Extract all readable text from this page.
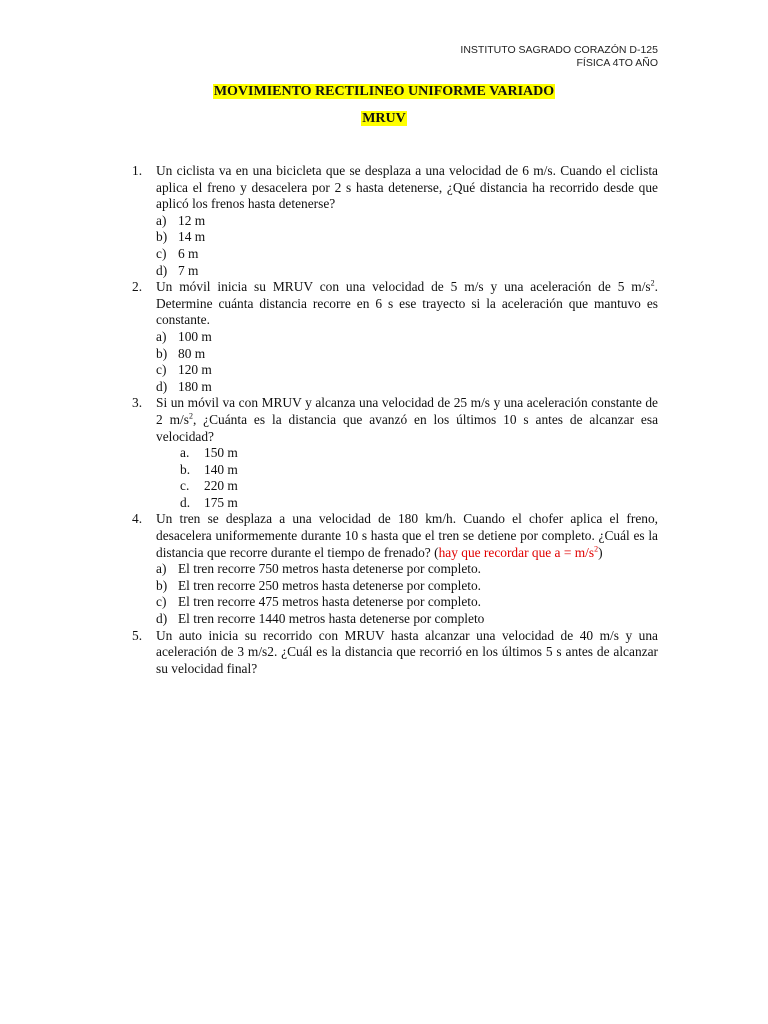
INSTITUTO SAGRADO CORAZÓN D-125
FÍSICA 4TO AÑO
MOVIMIENTO RECTILINEO UNIFORME VARIADO
MRUV
1. Un ciclista va en una bicicleta que se desplaza a una velocidad de 6 m/s. Cuando el ciclista aplica el freno y desacelera por 2 s hasta detenerse, ¿Qué distancia ha recorrido desde que aplicó los frenos hasta detenerse?
a) 12 m
b) 14 m
c) 6 m
d) 7 m
2. Un móvil inicia su MRUV con una velocidad de 5 m/s y una aceleración de 5 $m/s^2$. Determine cuánta distancia recorre en 6 s ese trayecto si la aceleración que mantuvo es constante.
a) 100 m
b) 80 m
c) 120 m
d) 180 m
3. Si un móvil va con MRUV y alcanza una velocidad de 25 m/s y una aceleración constante de 2 $m/s^2$, ¿Cuánta es la distancia que avanzó en los últimos 10 s antes de alcanzar esa velocidad?
a. 150 m
b. 140 m
c. 220 m
d. 175 m
4. Un tren se desplaza a una velocidad de 180 km/h. Cuando el chofer aplica el freno, desacelera uniformemente durante 10 s hasta que el tren se detiene por completo. ¿Cuál es la distancia que recorre durante el tiempo de frenado? (hay que recordar que $a = m/s^2$)
a) El tren recorre 750 metros hasta detenerse por completo.
b) El tren recorre 250 metros hasta detenerse por completo.
c) El tren recorre 475 metros hasta detenerse por completo.
d) El tren recorre 1440 metros hasta detenerse por completo
5. Un auto inicia su recorrido con MRUV hasta alcanzar una velocidad de 40 m/s y una aceleración de 3 m/s2. ¿Cuál es la distancia que recorrió en los últimos 5 s antes de alcanzar su velocidad final?
